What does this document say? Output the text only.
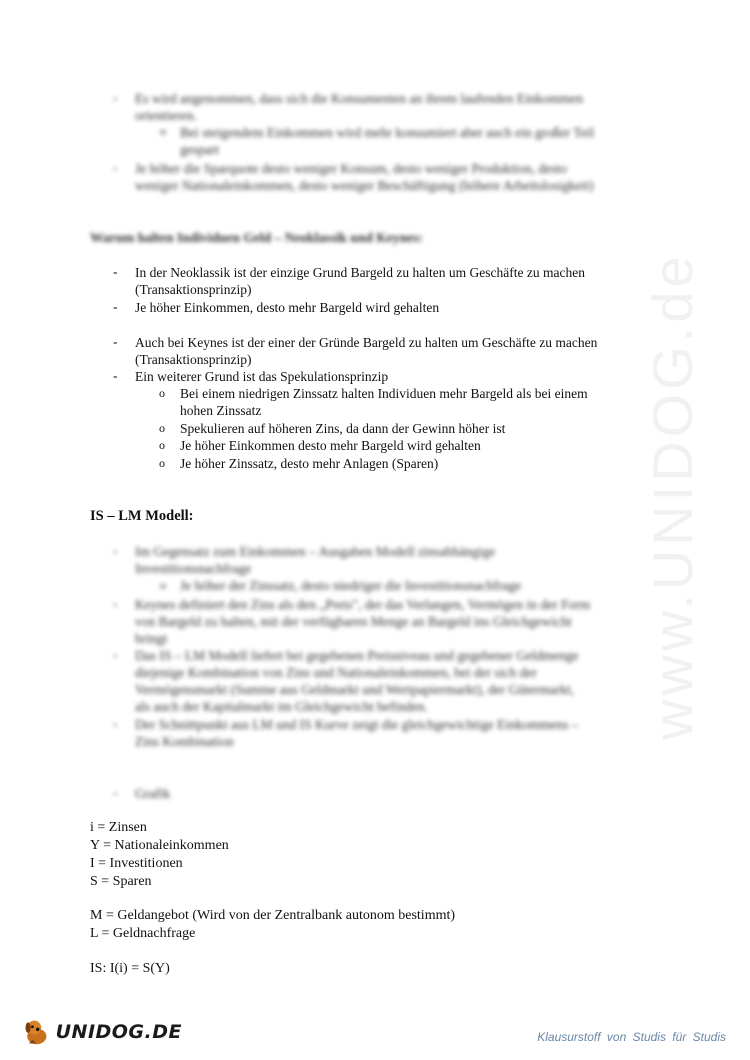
www.UNIDOG.de
- Es wird angenommen, dass sich die Konsumenten an ihrem laufenden Einkommen
orientieren.
o Bei steigendem Einkommen wird mehr konsumiert aber auch ein großer Teil
gespart
- Je höher die Sparquote desto weniger Konsum, desto weniger Produktion, desto
weniger Nationaleinkommen, desto weniger Beschäftigung (höhere Arbeitslosigkeit)
Warum halten Individuen Geld – Neoklassik und Keynes:
- In der Neoklassik ist der einzige Grund Bargeld zu halten um Geschäfte zu machen
(Transaktionsprinzip)
- Je höher Einkommen, desto mehr Bargeld wird gehalten
- Auch bei Keynes ist der einer der Gründe Bargeld zu halten um Geschäfte zu machen
(Transaktionsprinzip)
- Ein weiterer Grund ist das Spekulationsprinzip
o Bei einem niedrigen Zinssatz halten Individuen mehr Bargeld als bei einem
hohen Zinssatz
o Spekulieren auf höheren Zins, da dann der Gewinn höher ist
o Je höher Einkommen desto mehr Bargeld wird gehalten
o Je höher Zinssatz, desto mehr Anlagen (Sparen)
IS – LM Modell:
- Im Gegensatz zum Einkommen – Ausgaben Modell zinsabhängige
Investitionsnachfrage
o Je höher der Zinssatz, desto niedriger die Investitionsnachfrage
- Keynes definiert den Zins als den „Preis", der das Verlangen, Vermögen in der Form
von Bargeld zu halten, mit der verfügbaren Menge an Bargeld ins Gleichgewicht
bringt
- Das IS – LM Modell liefert bei gegebenen Preisniveau und gegebener Geldmenge
diejenige Kombination von Zins und Nationaleinkommen, bei der sich der
Vermögensmarkt (Summe aus Geldmarkt und Wertpapiermarkt), der Gütermarkt,
als auch der Kapitalmarkt im Gleichgewicht befinden.
- Der Schnittpunkt aus LM und IS Kurve zeigt die gleichgewichtige Einkommens –
Zins Kombination
- Grafik
i = Zinsen
Y = Nationaleinkommen
I = Investitionen
S = Sparen
M = Geldangebot (Wird von der Zentralbank autonom bestimmt)
L = Geldnachfrage
IS: I(i) = S(Y)
UNIDOG.DE	Klausurstoff von Studis für Studis
